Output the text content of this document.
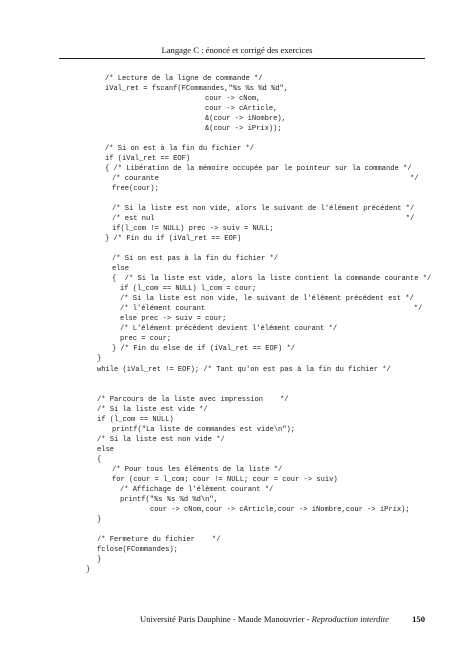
Langage C : énoncé et corrigé des exercices
/* Lecture de la ligne de commande */
iVal_ret = fscanf(FCommandes,"%s %s %d %d",
cour -> cNom,
cour -> cArticle,
&(cour -> iNombre),
&(cour -> iPrix));
/* Si on est à la fin du fichier */
if (iVal_ret == EOF)
{ /* Libération de la mémoire occupée par le pointeur sur la commande */
/* courante                                                           */
free(cour);
/* Si la liste est non vide, alors le suivant de l'élément précédent */
/* est nul                                                           */
if(l_com != NULL) prec -> suiv = NULL;
} /* Fin du if (iVal_ret == EOF)
/* Si on est pas à la fin du fichier */
else
{  /* Si la liste est vide, alors la liste contient la commande courante */
if (l_com == NULL) l_com = cour;
/* Si la liste est non vide, le suivant de l'élément précédent est */
/* l'élément courant                                                 */
else prec -> suiv = cour;
/* L'élément précédent devient l'élément courant */
prec = cour;
} /* Fin du else de if (iVal_ret == EOF) */
}
while (iVal_ret != EOF); /* Tant qu'on est pas à la fin du fichier */
/* Parcours de la liste avec impression    */
/* Si la liste est vide */
if (l_com == NULL)
printf("La liste de commandes est vide\n");
/* Si la liste est non vide */
else
{
/* Pour tous les éléments de la liste */
for (cour = l_com; cour != NULL; cour = cour -> suiv)
/* Affichage de l'élément courant */
printf("%s %s %d %d\n",
cour -> cNom,cour -> cArticle,cour -> iNombre,cour -> iPrix);
}
/* Fermeture du fichier    */
fclose(FCommandes);
}
}
Université Paris Dauphine - Maude Manouvrier - Reproduction interdite	150
